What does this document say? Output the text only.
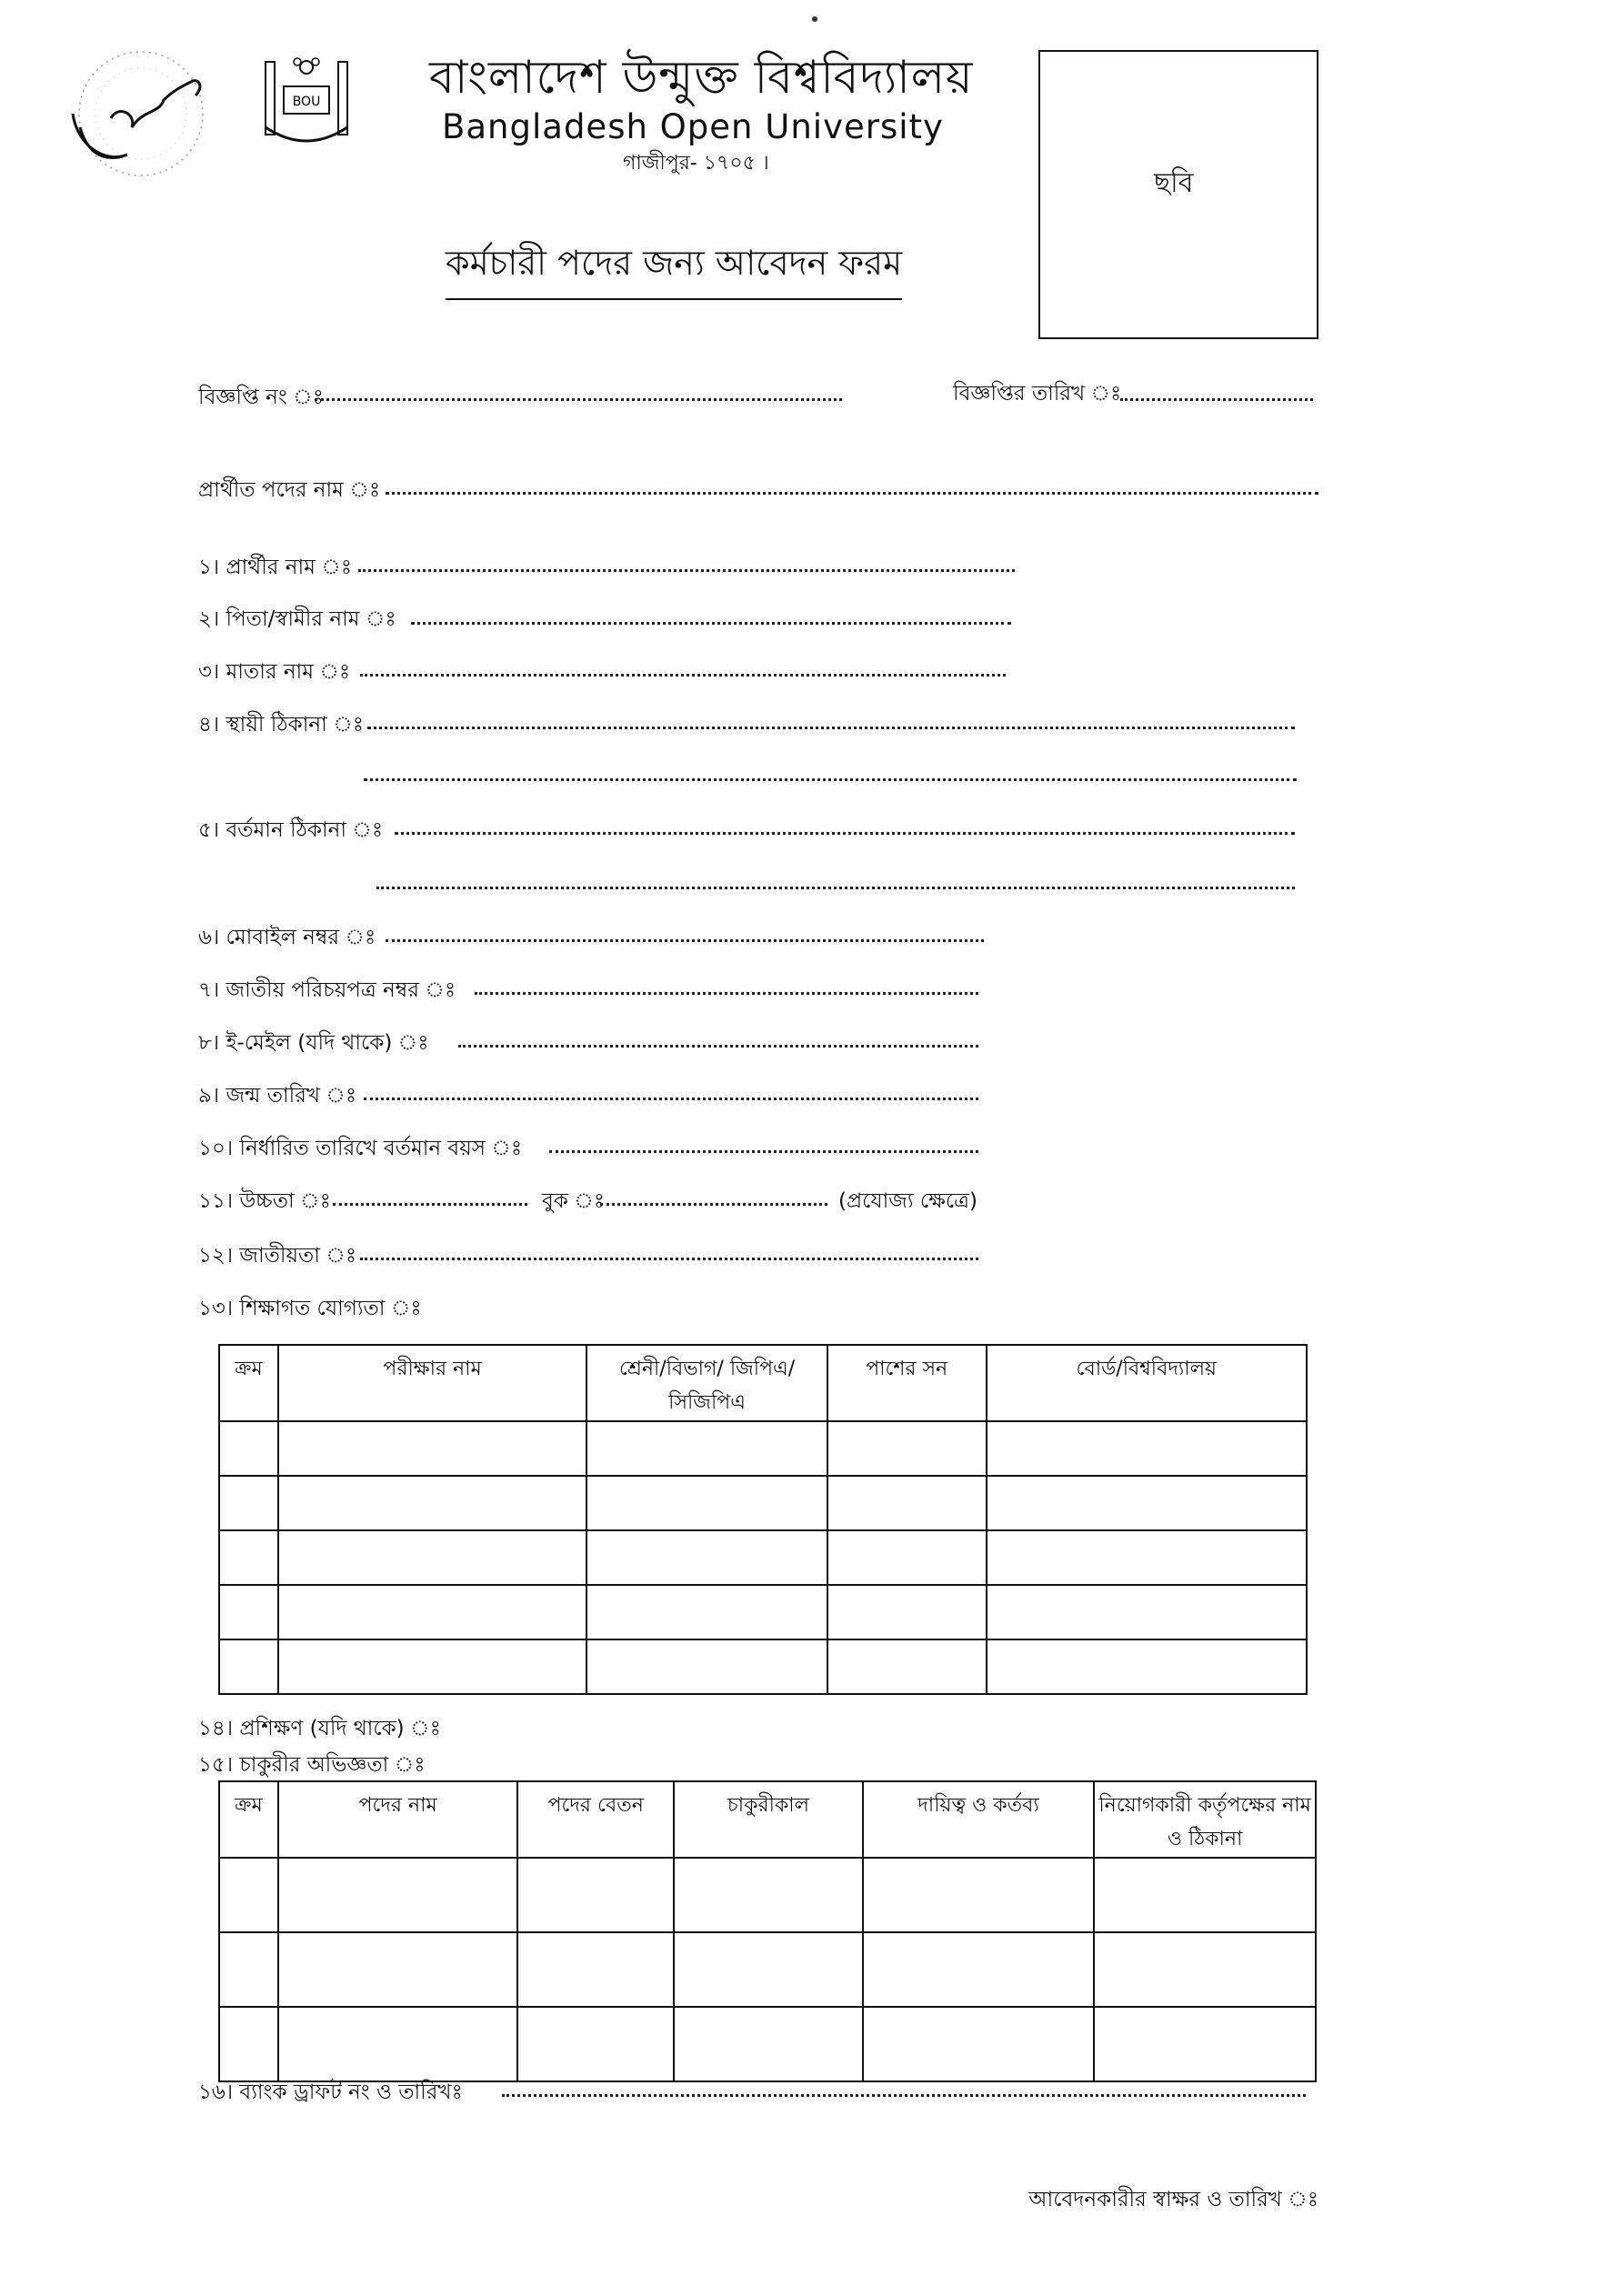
BOU বাংলাদেশ উন্মুক্ত বিশ্ববিদ্যালয়
Bangladesh Open University
গাজীপুর- ১৭০৫ ।
কর্মচারী পদের জন্য আবেদন ফরম
ছবি
বিজ্ঞপ্তি নং ঃ	বিজ্ঞপ্তির তারিখ ঃ
প্রার্থীত পদের নাম ঃ
১। প্রার্থীর নাম ঃ
২। পিতা/স্বামীর নাম ঃ
৩। মাতার নাম ঃ
৪। স্থায়ী ঠিকানা ঃ
৫। বর্তমান ঠিকানা ঃ
৬। মোবাইল নম্বর ঃ
৭। জাতীয় পরিচয়পত্র নম্বর ঃ
৮। ই-মেইল (যদি থাকে) ঃ
৯। জন্ম তারিখ ঃ
১০। নির্ধারিত তারিখে বর্তমান বয়স ঃ
১১। উচ্চতা ঃ	বুক ঃ	(প্রযোজ্য ক্ষেত্রে)
১২। জাতীয়তা ঃ
১৩। শিক্ষাগত যোগ্যতা ঃ
ক্রম	পরীক্ষার নাম	শ্রেনী/বিভাগ/ জিপিএ/সিজিপিএ	পাশের সন	বোর্ড/বিশ্ববিদ্যালয়

১৪। প্রশিক্ষণ (যদি থাকে) ঃ
১৫। চাকুরীর অভিজ্ঞতা ঃ
ক্রম	পদের নাম	পদের বেতন	চাকুরীকাল	দায়িত্ব ও কর্তব্য	নিয়োগকারী কর্তৃপক্ষের নাম ও ঠিকানা

১৬। ব্যাংক ড্রাফট নং ও তারিখঃ
আবেদনকারীর স্বাক্ষর ও তারিখ ঃ
